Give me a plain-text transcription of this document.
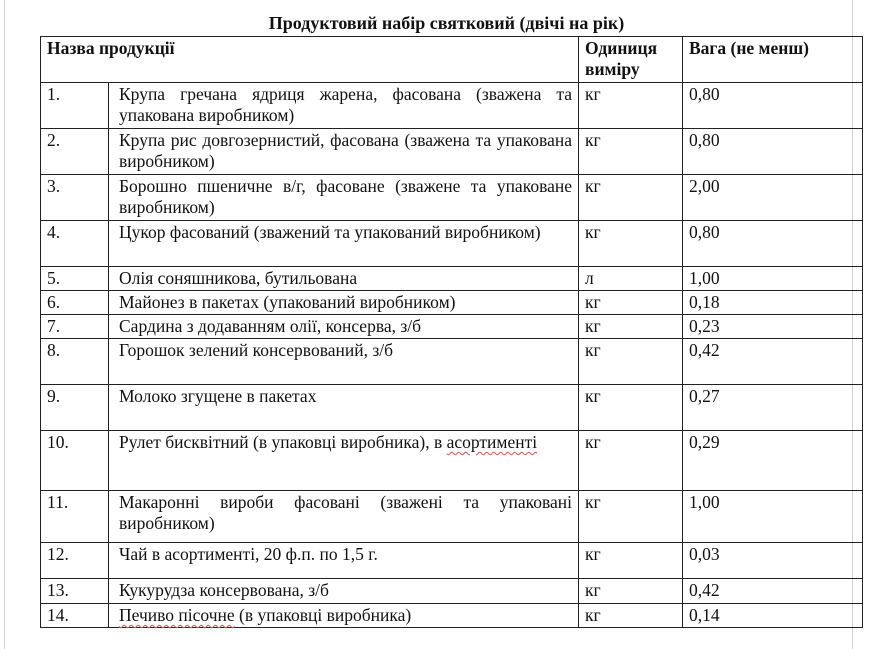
Продуктовий набір святковий (двічі на рік)
Назва продукції		Одиниця виміру	Вага (не менш)
1.	Крупа гречана ядриця жарена, фасована (зважена та упакована виробником)	кг	0,80
2.	Крупа рис довгозернистий, фасована (зважена та упакована виробником)	кг	0,80
3.	Борошно пшеничне в/г, фасоване (зважене та упаковане виробником)	кг	2,00
4.	Цукор фасований (зважений та упакований виробником)	кг	0,80
5.	Олія соняшникова, бутильована	л	1,00
6.	Майонез в пакетах (упакований виробником)	кг	0,18
7.	Сардина з додаванням олії, консерва, з/б	кг	0,23
8.	Горошок зелений консервований, з/б	кг	0,42
9.	Молоко згущене в пакетах	кг	0,27
10.	Рулет бисквітний (в упаковці виробника), в асортименті	кг	0,29
11.	Макаронні вироби фасовані (зважені та упаковані виробником)	кг	1,00
12.	Чай в асортименті, 20 ф.п. по 1,5 г.	кг	0,03
13.	Кукурудза консервована, з/б	кг	0,42
14.	Печиво пісочне (в упаковці виробника)	кг	0,14
